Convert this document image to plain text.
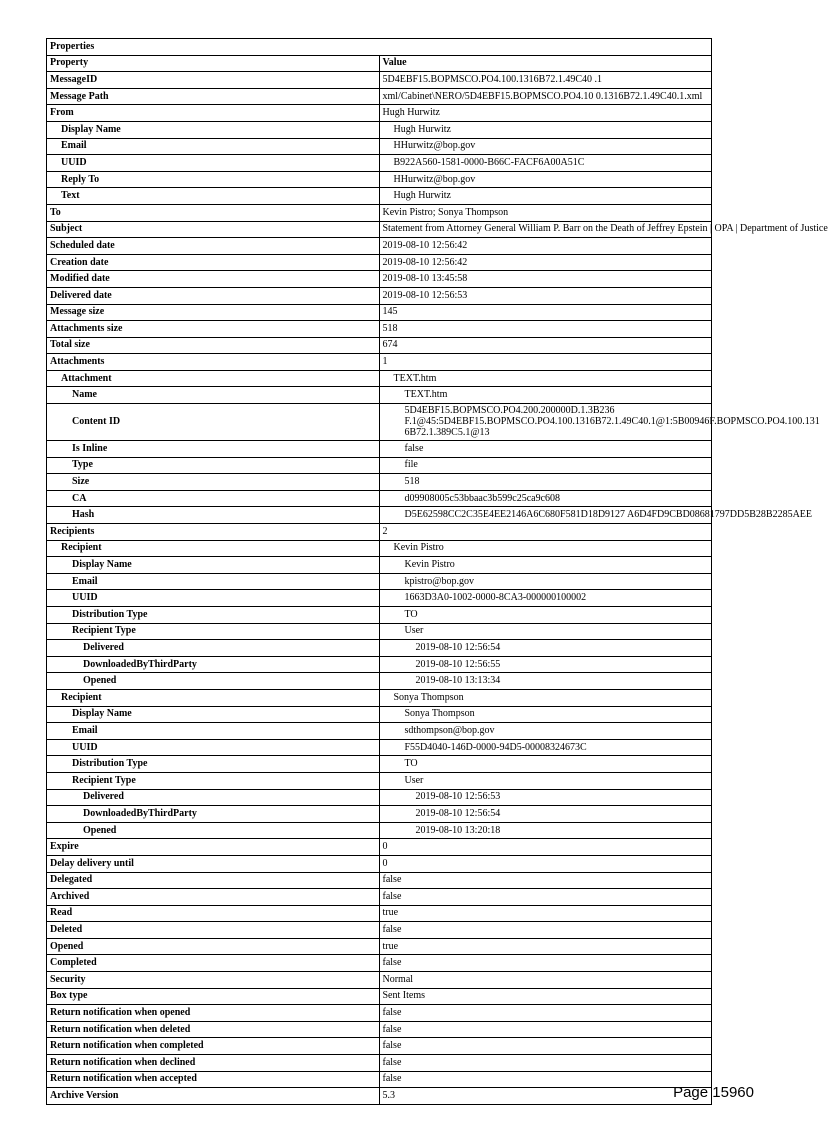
Properties	
Property	Value
MessageID	5D4EBF15.BOPMSCO.PO4.100.1316B72.1.49C40 .1
Message Path	xml/Cabinet\NERO/5D4EBF15.BOPMSCO.PO4.10 0.1316B72.1.49C40.1.xml
From	Hugh Hurwitz
Display Name	Hugh Hurwitz
Email	HHurwitz@bop.gov
UUID	B922A560-1581-0000-B66C-FACF6A00A51C
Reply To	HHurwitz@bop.gov
Text	Hugh Hurwitz
To	Kevin Pistro; Sonya Thompson
Subject	Statement from Attorney General William P. Barr on the Death of Jeffrey Epstein | OPA | Department of Justice
Scheduled date	2019-08-10 12:56:42
Creation date	2019-08-10 12:56:42
Modified date	2019-08-10 13:45:58
Delivered date	2019-08-10 12:56:53
Message size	145
Attachments size	518
Total size	674
Attachments	1
Attachment	TEXT.htm
Name	TEXT.htm
Content ID	5D4EBF15.BOPMSCO.PO4.200.200000D.1.3B236 F.1@45:5D4EBF15.BOPMSCO.PO4.100.1316B72.1.49C40.1@1:5B00946F.BOPMSCO.PO4.100.131 6B72.1.389C5.1@13
Is Inline	false
Type	file
Size	518
CA	d09908005c53bbaac3b599c25ca9c608
Hash	D5E62598CC2C35E4EE2146A6C680F581D18D9127 A6D4FD9CBD08681797DD5B28B2285AEE
Recipients	2
Recipient	Kevin Pistro
Display Name	Kevin Pistro
Email	kpistro@bop.gov
UUID	1663D3A0-1002-0000-8CA3-000000100002
Distribution Type	TO
Recipient Type	User
Delivered	2019-08-10 12:56:54
DownloadedByThirdParty	2019-08-10 12:56:55
Opened	2019-08-10 13:13:34
Recipient	Sonya Thompson
Display Name	Sonya Thompson
Email	sdthompson@bop.gov
UUID	F55D4040-146D-0000-94D5-00008324673C
Distribution Type	TO
Recipient Type	User
Delivered	2019-08-10 12:56:53
DownloadedByThirdParty	2019-08-10 12:56:54
Opened	2019-08-10 13:20:18
Expire	0
Delay delivery until	0
Delegated	false
Archived	false
Read	true
Deleted	false
Opened	true
Completed	false
Security	Normal
Box type	Sent Items
Return notification when opened	false
Return notification when deleted	false
Return notification when completed	false
Return notification when declined	false
Return notification when accepted	false
Archive Version	5.3	Page 15960
